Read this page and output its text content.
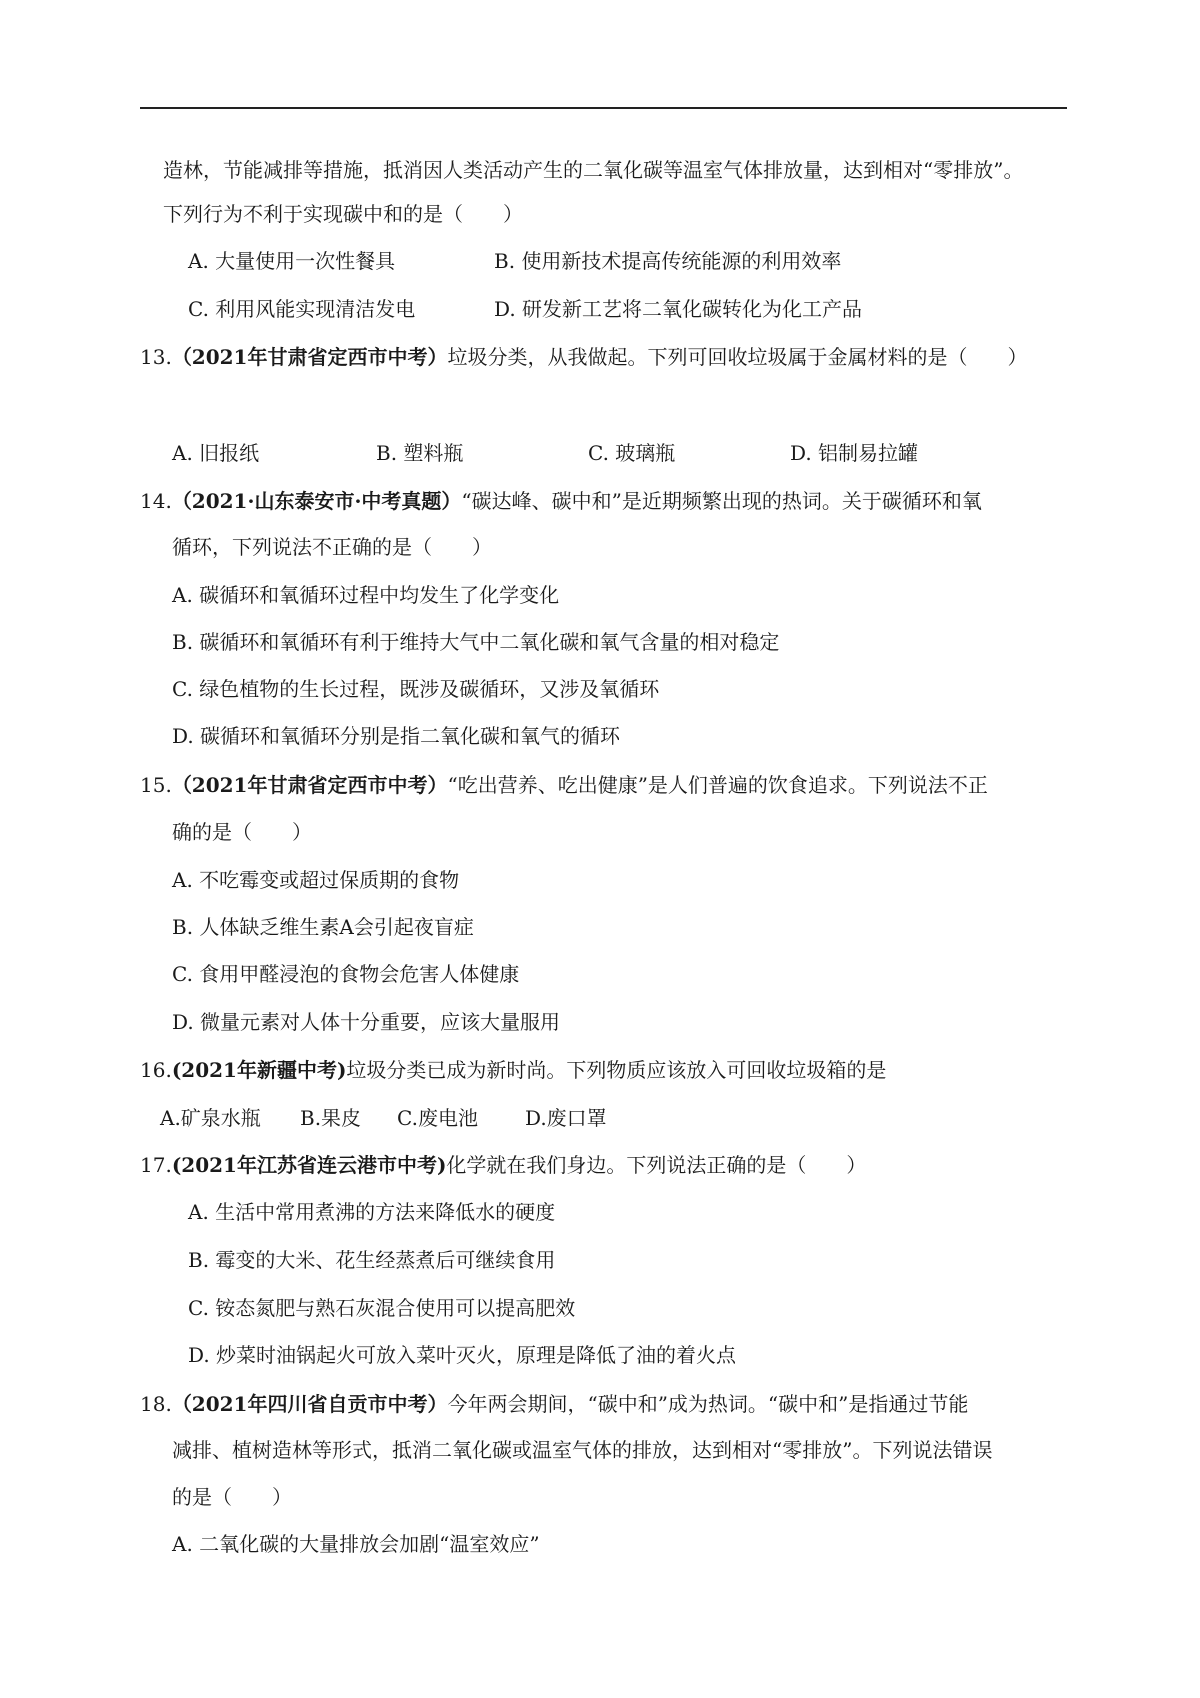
造林，节能减排等措施，抵消因人类活动产生的二氧化碳等温室气体排放量，达到相对“零排放”。
下列行为不利于实现碳中和的是（　　）
A. 大量使用一次性餐具	B. 使用新技术提高传统能源的利用效率
C. 利用风能实现清洁发电	D. 研发新工艺将二氧化碳转化为化工产品
13.（2021年甘肃省定西市中考）垃圾分类，从我做起。下列可回收垃圾属于金属材料的是（　　）
A. 旧报纸	B. 塑料瓶	C. 玻璃瓶	D. 铝制易拉罐
14.（2021·山东泰安市·中考真题）“碳达峰、碳中和”是近期频繁出现的热词。关于碳循环和氧
循环，下列说法不正确的是（　　）
A. 碳循环和氧循环过程中均发生了化学变化
B. 碳循环和氧循环有利于维持大气中二氧化碳和氧气含量的相对稳定
C. 绿色植物的生长过程，既涉及碳循环，又涉及氧循环
D. 碳循环和氧循环分别是指二氧化碳和氧气的循环
15.（2021年甘肃省定西市中考）“吃出营养、吃出健康”是人们普遍的饮食追求。下列说法不正
确的是（　　）
A. 不吃霉变或超过保质期的食物
B. 人体缺乏维生素A会引起夜盲症
C. 食用甲醛浸泡的食物会危害人体健康
D. 微量元素对人体十分重要，应该大量服用
16.(2021年新疆中考)垃圾分类已成为新时尚。下列物质应该放入可回收垃圾箱的是
A.矿泉水瓶 B.果皮 C.废电池 D.废口罩
17.(2021年江苏省连云港市中考)化学就在我们身边。下列说法正确的是（　　）
A. 生活中常用煮沸的方法来降低水的硬度
B. 霉变的大米、花生经蒸煮后可继续食用
C. 铵态氮肥与熟石灰混合使用可以提高肥效
D. 炒菜时油锅起火可放入菜叶灭火，原理是降低了油的着火点
18.（2021年四川省自贡市中考）今年两会期间，“碳中和”成为热词。“碳中和”是指通过节能
减排、植树造林等形式，抵消二氧化碳或温室气体的排放，达到相对“零排放”。下列说法错误
的是（　　）
A. 二氧化碳的大量排放会加剧“温室效应”
